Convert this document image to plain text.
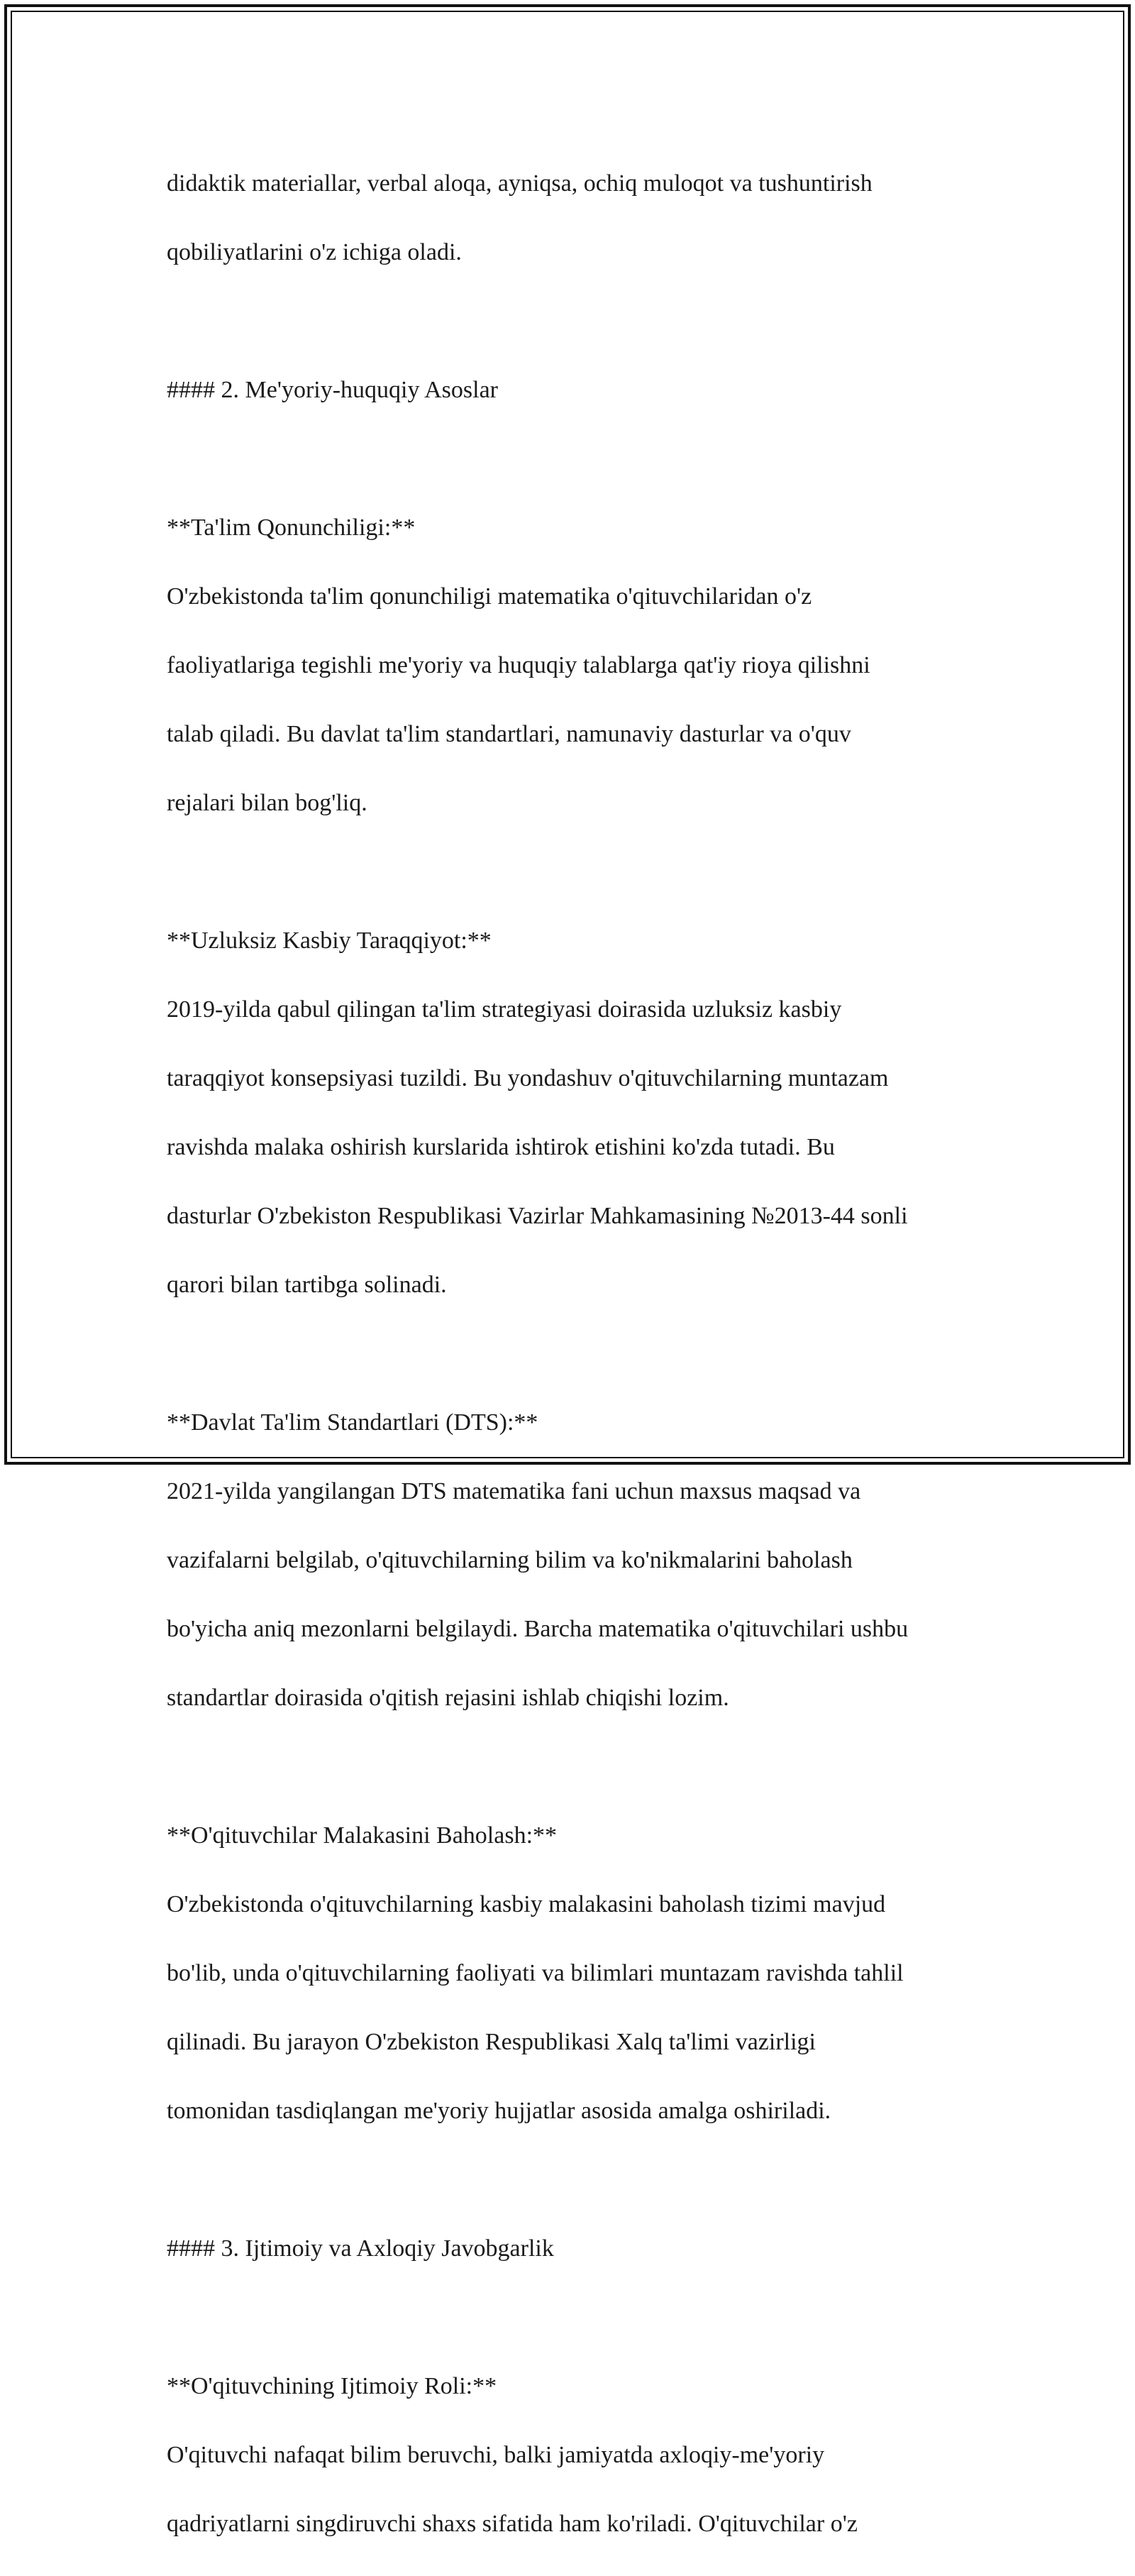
didaktik materiallar, verbal aloqa, ayniqsa, ochiq muloqot va tushuntirish

qobiliyatlarini o'z ichiga oladi.

#### 2. Me'yoriy-huquqiy Asoslar

**Ta'lim Qonunchiligi:**

O'zbekistonda ta'lim qonunchiligi matematika o'qituvchilaridan o'z

faoliyatlariga tegishli me'yoriy va huquqiy talablarga qat'iy rioya qilishni

talab qiladi. Bu davlat ta'lim standartlari, namunaviy dasturlar va o'quv

rejalari bilan bog'liq.

**Uzluksiz Kasbiy Taraqqiyot:**

2019-yilda qabul qilingan ta'lim strategiyasi doirasida uzluksiz kasbiy

taraqqiyot konsepsiyasi tuzildi. Bu yondashuv o'qituvchilarning muntazam

ravishda malaka oshirish kurslarida ishtirok etishini ko'zda tutadi. Bu

dasturlar O'zbekiston Respublikasi Vazirlar Mahkamasining №2013-44 sonli

qarori bilan tartibga solinadi.

**Davlat Ta'lim Standartlari (DTS):**

2021-yilda yangilangan DTS matematika fani uchun maxsus maqsad va

vazifalarni belgilab, o'qituvchilarning bilim va ko'nikmalarini baholash

bo'yicha aniq mezonlarni belgilaydi. Barcha matematika o'qituvchilari ushbu

standartlar doirasida o'qitish rejasini ishlab chiqishi lozim.

**O'qituvchilar Malakasini Baholash:**

O'zbekistonda o'qituvchilarning kasbiy malakasini baholash tizimi mavjud

bo'lib, unda o'qituvchilarning faoliyati va bilimlari muntazam ravishda tahlil

qilinadi. Bu jarayon O'zbekiston Respublikasi Xalq ta'limi vazirligi

tomonidan tasdiqlangan me'yoriy hujjatlar asosida amalga oshiriladi.

#### 3. Ijtimoiy va Axloqiy Javobgarlik

**O'qituvchining Ijtimoiy Roli:**

O'qituvchi nafaqat bilim beruvchi, balki jamiyatda axloqiy-me'yoriy

qadriyatlarni singdiruvchi shaxs sifatida ham ko'riladi. O'qituvchilar o'z
